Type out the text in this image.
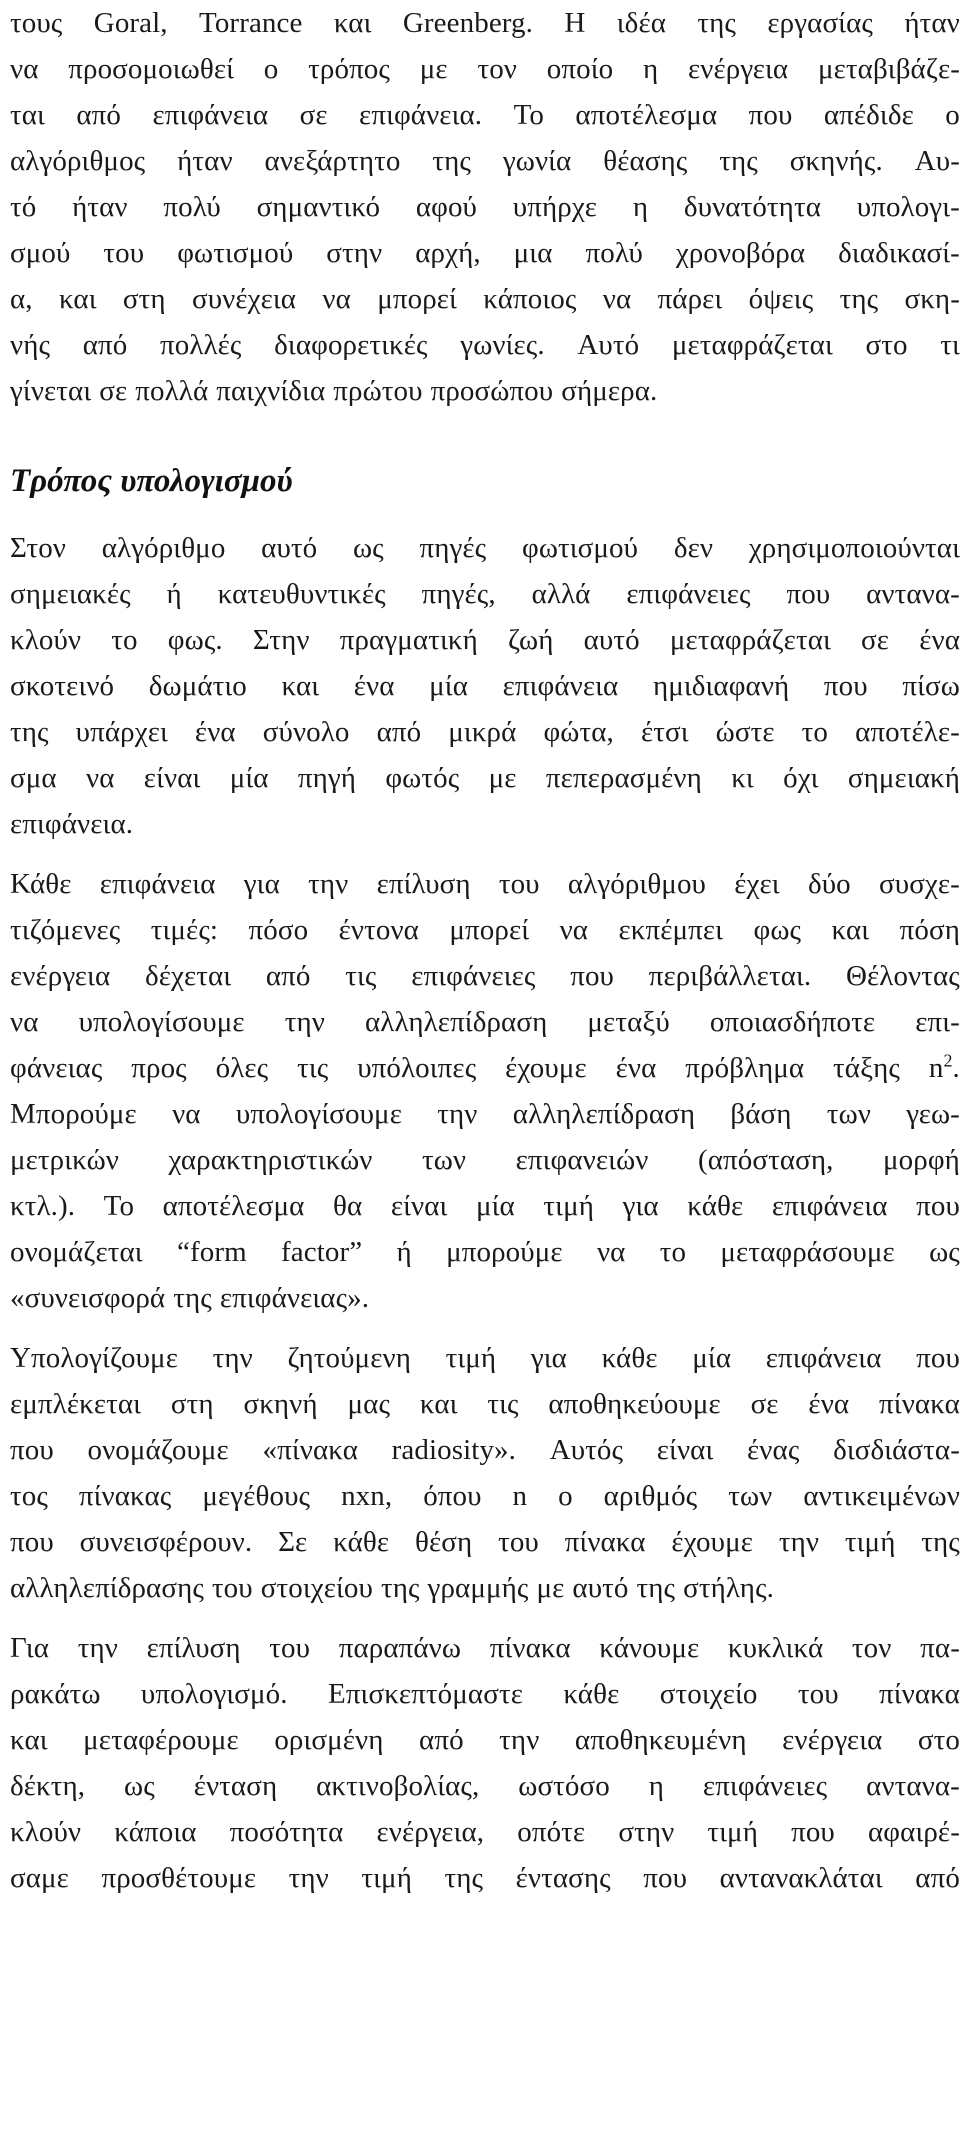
τους Goral, Torrance και Greenberg. Η ιδέα της εργασίας ήταν
να προσομοιωθεί ο τρόπος με τον οποίο η ενέργεια μεταβιβάζε-
ται από επιφάνεια σε επιφάνεια. Το αποτέλεσμα που απέδιδε ο
αλγόριθμος ήταν ανεξάρτητο της γωνία θέασης της σκηνής. Αυ-
τό ήταν πολύ σημαντικό αφού υπήρχε η δυνατότητα υπολογι-
σμού του φωτισμού στην αρχή, μια πολύ χρονοβόρα διαδικασί-
α, και στη συνέχεια να μπορεί κάποιος να πάρει όψεις της σκη-
νής από πολλές διαφορετικές γωνίες. Αυτό μεταφράζεται στο τι
γίνεται σε πολλά παιχνίδια πρώτου προσώπου σήμερα.
Τρόπος υπολογισμού
Στον αλγόριθμο αυτό ως πηγές φωτισμού δεν χρησιμοποιούνται
σημειακές ή κατευθυντικές πηγές, αλλά επιφάνειες που αντανα-
κλούν το φως. Στην πραγματική ζωή αυτό μεταφράζεται σε ένα
σκοτεινό δωμάτιο και ένα μία επιφάνεια ημιδιαφανή που πίσω
της υπάρχει ένα σύνολο από μικρά φώτα, έτσι ώστε το αποτέλε-
σμα να είναι μία πηγή φωτός με πεπερασμένη κι όχι σημειακή
επιφάνεια.
Κάθε επιφάνεια για την επίλυση του αλγόριθμου έχει δύο συσχε-
τιζόμενες τιμές: πόσο έντονα μπορεί να εκπέμπει φως και πόση
ενέργεια δέχεται από τις επιφάνειες που περιβάλλεται. Θέλοντας
να υπολογίσουμε την αλληλεπίδραση μεταξύ οποιασδήποτε επι-
φάνειας προς όλες τις υπόλοιπες έχουμε ένα πρόβλημα τάξης $n^2$.
Μπορούμε να υπολογίσουμε την αλληλεπίδραση βάση των γεω-
μετρικών χαρακτηριστικών των επιφανειών (απόσταση, μορφή
κτλ.). Το αποτέλεσμα θα είναι μία τιμή για κάθε επιφάνεια που
ονομάζεται “form factor” ή μπορούμε να το μεταφράσουμε ως
«συνεισφορά της επιφάνειας».
Υπολογίζουμε την ζητούμενη τιμή για κάθε μία επιφάνεια που
εμπλέκεται στη σκηνή μας και τις αποθηκεύουμε σε ένα πίνακα
που ονομάζουμε «πίνακα radiosity». Αυτός είναι ένας δισδιάστα-
τος πίνακας μεγέθους nxn, όπου n ο αριθμός των αντικειμένων
που συνεισφέρουν. Σε κάθε θέση του πίνακα έχουμε την τιμή της
αλληλεπίδρασης του στοιχείου της γραμμής με αυτό της στήλης.
Για την επίλυση του παραπάνω πίνακα κάνουμε κυκλικά τον πα-
ρακάτω υπολογισμό. Επισκεπτόμαστε κάθε στοιχείο του πίνακα
και μεταφέρουμε ορισμένη από την αποθηκευμένη ενέργεια στο
δέκτη, ως ένταση ακτινοβολίας, ωστόσο η επιφάνειες αντανα-
κλούν κάποια ποσότητα ενέργεια, οπότε στην τιμή που αφαιρέ-
σαμε προσθέτουμε την τιμή της έντασης που αντανακλάται από
